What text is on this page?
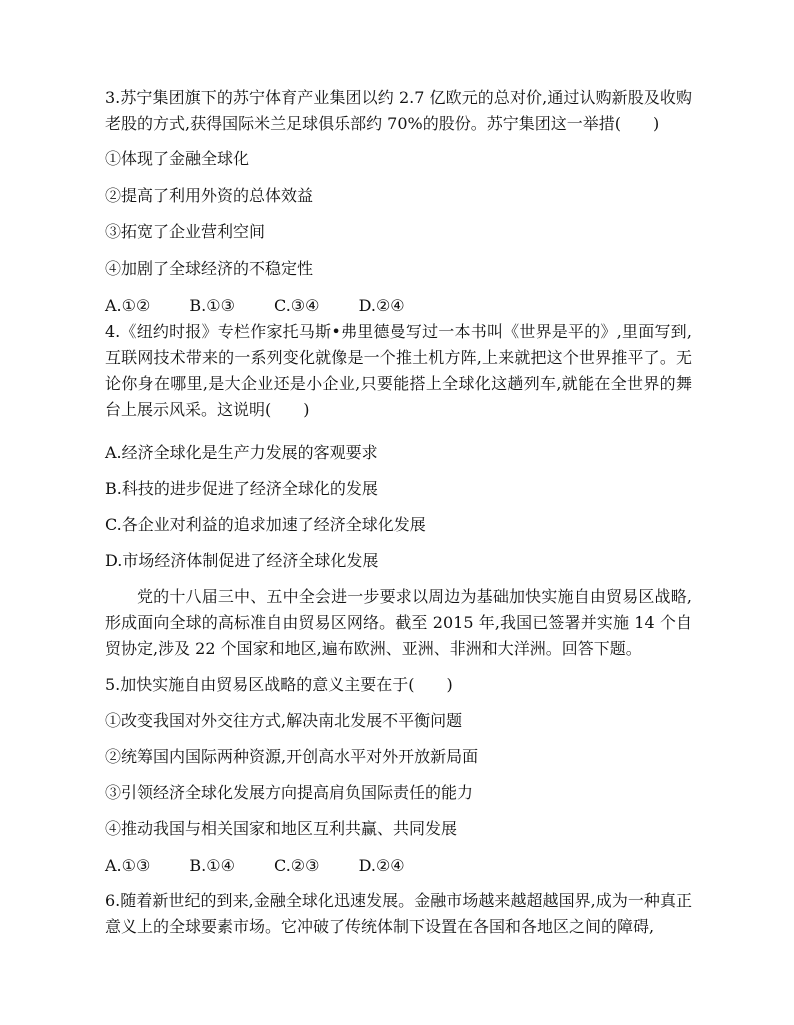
3.苏宁集团旗下的苏宁体育产业集团以约 2.7 亿欧元的总对价,通过认购新股及收购老股的方式,获得国际米兰足球俱乐部约 70%的股份。苏宁集团这一举措(　　)
①体现了金融全球化
②提高了利用外资的总体效益
③拓宽了企业营利空间
④加剧了全球经济的不稳定性
A.①② B.①③ C.③④ D.②④
4.《纽约时报》专栏作家托马斯•弗里德曼写过一本书叫《世界是平的》,里面写到,互联网技术带来的一系列变化就像是一个推土机方阵,上来就把这个世界推平了。无论你身在哪里,是大企业还是小企业,只要能搭上全球化这趟列车,就能在全世界的舞台上展示风采。这说明(　　)
A.经济全球化是生产力发展的客观要求
B.科技的进步促进了经济全球化的发展
C.各企业对利益的追求加速了经济全球化发展
D.市场经济体制促进了经济全球化发展
党的十八届三中、五中全会进一步要求以周边为基础加快实施自由贸易区战略,形成面向全球的高标准自由贸易区网络。截至 2015 年,我国已签署并实施 14 个自贸协定,涉及 22 个国家和地区,遍布欧洲、亚洲、非洲和大洋洲。回答下题。
5.加快实施自由贸易区战略的意义主要在于(　　)
①改变我国对外交往方式,解决南北发展不平衡问题
②统筹国内国际两种资源,开创高水平对外开放新局面
③引领经济全球化发展方向提高肩负国际责任的能力
④推动我国与相关国家和地区互利共赢、共同发展
A.①③ B.①④ C.②③ D.②④
6.随着新世纪的到来,金融全球化迅速发展。金融市场越来越超越国界,成为一种真正意义上的全球要素市场。它冲破了传统体制下设置在各国和各地区之间的障碍,
